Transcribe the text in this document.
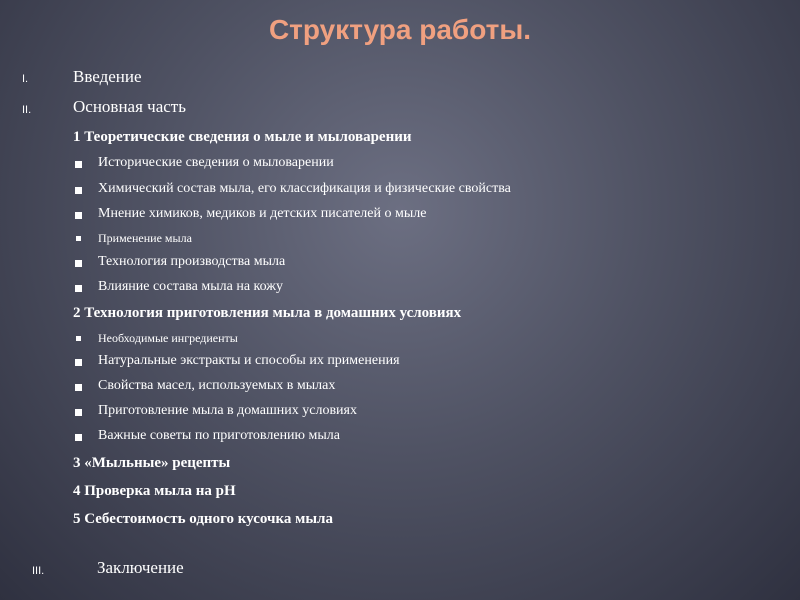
Структура работы.
I.	Введение
II. Основная часть
1 Теоретические сведения о мыле и мыловарении
Исторические сведения о мыловарении
Химический состав мыла, его классификация и физические свойства
Мнение химиков, медиков и детских писателей о мыле
Применение мыла
Технология производства мыла
Влияние состава мыла на кожу
2 Технология приготовления мыла в домашних условиях
Необходимые ингредиенты
Натуральные экстракты и способы их применения
Свойства масел, используемых в мылах
Приготовление мыла в домашних условиях
Важные советы по приготовлению мыла
3 «Мыльные» рецепты
4 Проверка мыла на pH
5 Себестоимость одного кусочка мыла
III.	Заключение
